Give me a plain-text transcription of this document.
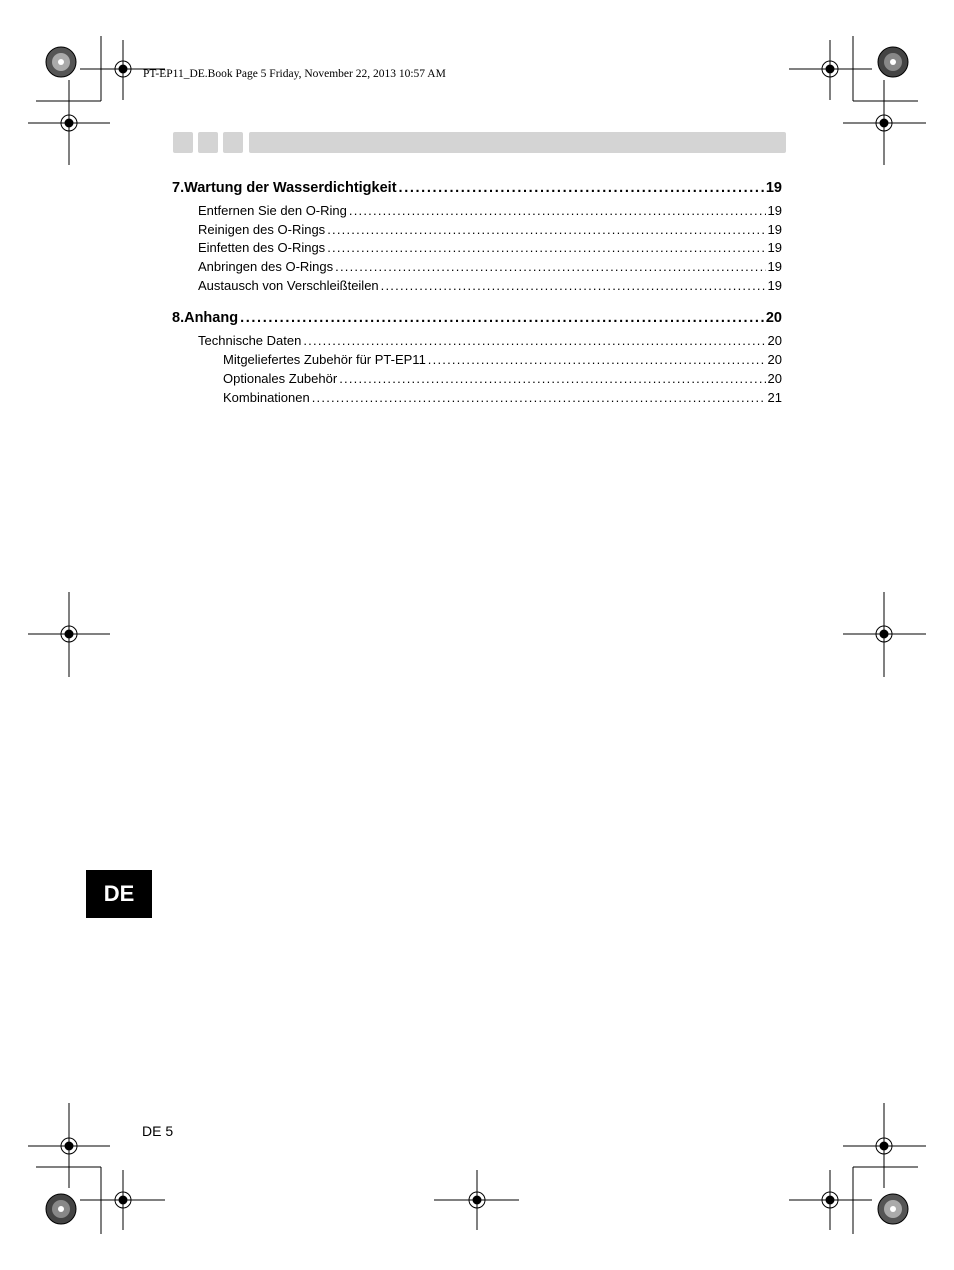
PT-EP11_DE.Book Page 5 Friday, November 22, 2013 10:57 AM
7.Wartung der Wasserdichtigkeit . . .	19
Entfernen Sie den O-Ring . . .	19
Reinigen des O-Rings . . .	19
Einfetten des O-Rings . . .	19
Anbringen des O-Rings . . .	19
Austausch von Verschleißteilen . . .	19
8.Anhang . . .	20
Technische Daten . . .	20
Mitgeliefertes Zubehör für PT-EP11 . . .	20
Optionales Zubehör . . .	20
Kombinationen . . .	21
DE
DE 5
